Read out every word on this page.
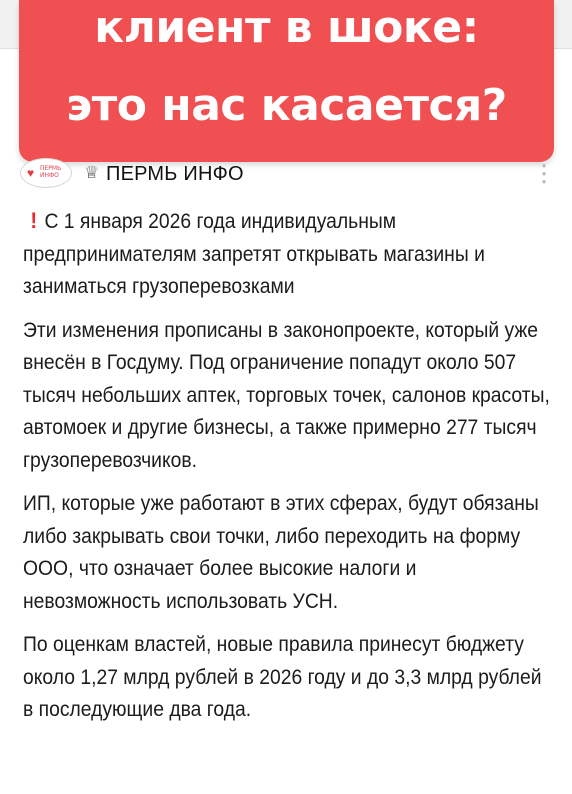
клиент в шоке:
это нас касается?
♥ ПЕРМЬ ИНФО	♕ ПЕРМЬ ИНФО	●
●
●

! С 1 января 2026 года индивидуальным предпринимателям запретят открывать магазины и заниматься грузоперевозками

Эти изменения прописаны в законопроекте, который уже внесён в Госдуму. Под ограничение попадут около 507 тысяч небольших аптек, торговых точек, салонов красоты, автомоек и другие бизнесы, а также примерно 277 тысяч грузоперевозчиков.

ИП, которые уже работают в этих сферах, будут обязаны либо закрывать свои точки, либо переходить на форму ООО, что означает более высокие налоги и невозможность использовать УСН.

По оценкам властей, новые правила принесут бюджету около 1,27 млрд рублей в 2026 году и до 3,3 млрд рублей в последующие два года.
